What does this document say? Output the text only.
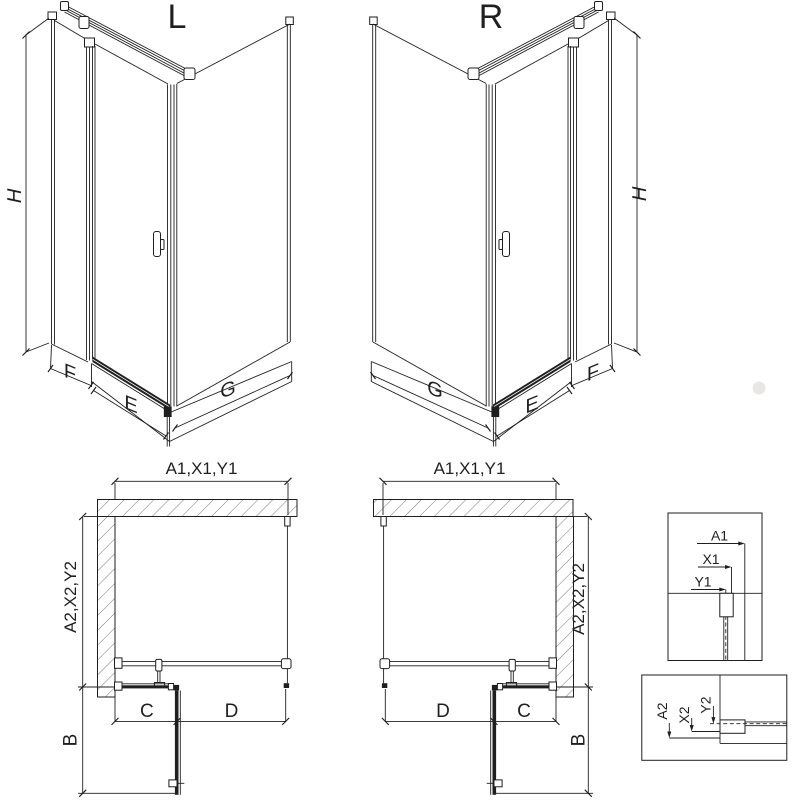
L	R
H	H
F
E
G
F
E
G
A1,X1,Y1	A1,X1,Y1
A2,X2,Y2	A2,X2,Y2
C	D	D	C
B	B
A1
X1
Y1
A2 X2
Y2
